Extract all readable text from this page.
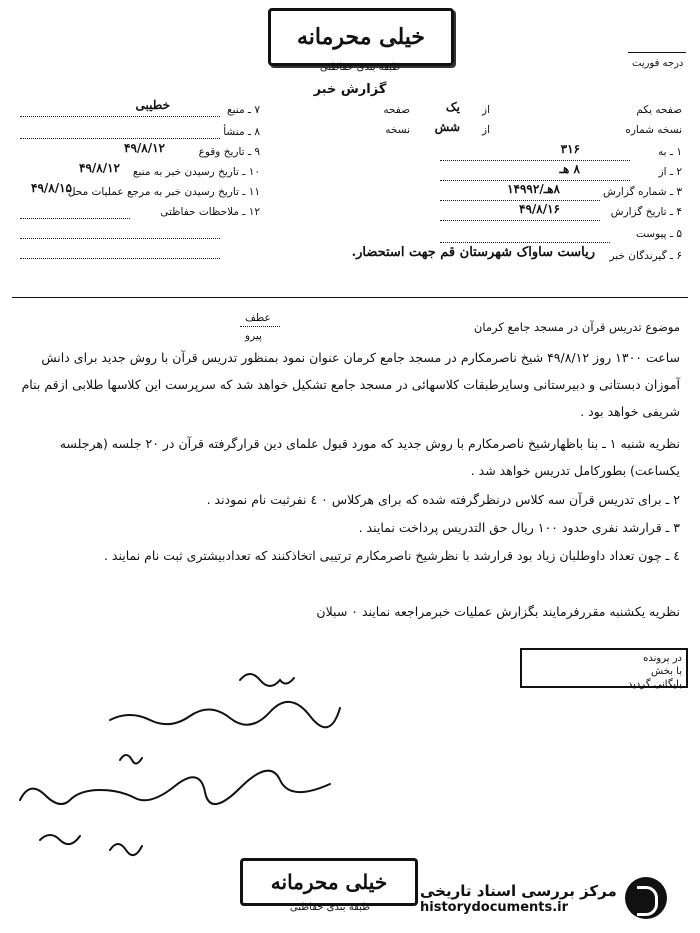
خیلی محرمانه
طبقه بندی حفاظتی	درجه فوریت
گزارش خبر
صفحه یکم
یک از
صفحه
نسخه شماره
شش از
نسخه
۱ ـ به
۳۱۶
۲ ـ از
۸ هـ
۳ ـ شماره گزارش
۸هـ/۱۴۹۹۲
۴ ـ تاریخ گزارش
۴۹/۸/۱۶
۵ ـ پیوست
۶ ـ گیرندگان خبر
ریاست ساواک شهرستان قم جهت استحضار.
۷ ـ منبع
خطیبی
۸ ـ منشأ
۹ ـ تاریخ وقوع
۴۹/۸/۱۲
۱۰ ـ تاریخ رسیدن خبر به منبع
۴۹/۸/۱۲
۱۱ ـ تاریخ رسیدن خبر به مرجع عملیات محل
۴۹/۸/۱۵
۱۲ ـ ملاحظات حفاظتی
عطف
پیرو
موضوع تدریس قرآن در مسجد جامع کرمان
ساعت ۱۳۰۰ روز ۴۹/۸/۱۲ شیخ ناصرمکارم در مسجد جامع کرمان عنوان نمود بمنظور تدریس قرآن با روش جدید برای دانش آموزان دبستانی و دبیرستانی وسایرطبقات کلاسهائی در مسجد جامع تشکیل خواهد شد که سرپرست این کلاسها طلابی ازقم بنام شریفی خواهد بود .
نظریه شنبه ۱ ـ بنا باظهارشیخ ناصرمکارم با روش جدید که مورد قبول علمای دین قرارگرفته قرآن در ۲۰ جلسه (هرجلسه یکساعت) بطورکامل تدریس خواهد شد .
۲ ـ برای تدریس قرآن سه کلاس درنظرگرفته شده که برای هرکلاس ۰ ٤ نفرثبت نام نمودند .
۳ ـ قرارشد نفری حدود ۱۰۰ ریال حق التدریس پرداخت نمایند .
٤ ـ چون تعداد داوطلبان زیاد بود قرارشد با نظرشیخ ناصرمکارم ترتیبی اتخاذکنند که تعدادبیشتری ثبت نام نمایند .
نظریه یکشنبه مقررفرمایند بگزارش عملیات خبرمراجعه نمایند ۰ سبلان
در پرونده
با بخش
بایگانی گردید
خیلی محرمانه
طبقه بندی حفاظتی
مرکز بررسی اسناد تاریخی
historydocuments.ir
